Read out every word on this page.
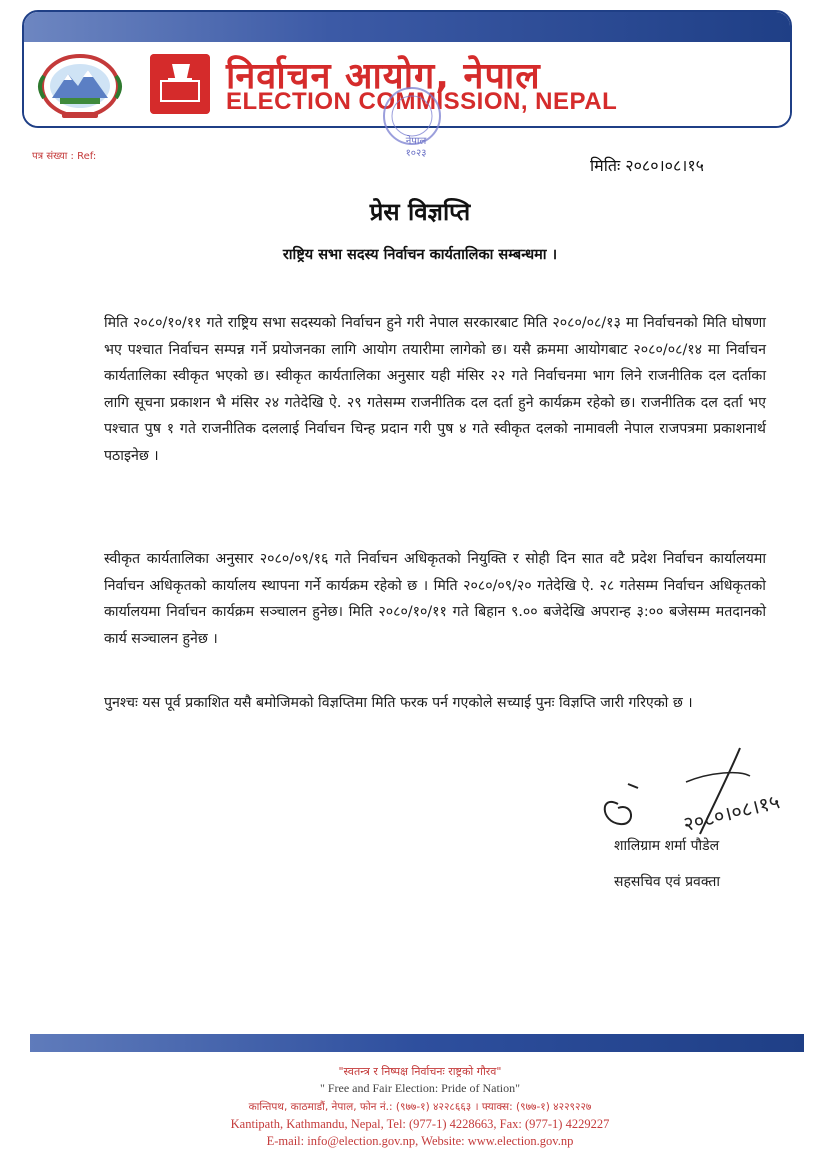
निर्वाचन आयोग, नेपाल
ELECTION COMMISSION, NEPAL
नेपाल
१०२३
पत्र संख्या : Ref:	मितिः २०८०।०८।१५
प्रेस विज्ञप्ति
राष्ट्रिय सभा सदस्य निर्वाचन कार्यतालिका सम्बन्धमा ।
मिति २०८०/१०/११ गते राष्ट्रिय सभा सदस्यको निर्वाचन हुने गरी नेपाल सरकारबाट मिति २०८०/०८/१३ मा निर्वाचनको मिति घोषणा भए पश्चात निर्वाचन सम्पन्न गर्ने प्रयोजनका लागि आयोग तयारीमा लागेको छ। यसै क्रममा आयोगबाट २०८०/०८/१४ मा निर्वाचन कार्यतालिका स्वीकृत भएको छ। स्वीकृत कार्यतालिका अनुसार यही मंसिर २२ गते निर्वाचनमा भाग लिने राजनीतिक दल दर्ताका लागि सूचना प्रकाशन भै मंसिर २४ गतेदेखि ऐ. २९ गतेसम्म राजनीतिक दल दर्ता हुने कार्यक्रम रहेको छ। राजनीतिक दल दर्ता भए पश्चात पुष १ गते राजनीतिक दललाई निर्वाचन चिन्ह प्रदान गरी पुष ४ गते स्वीकृत दलको नामावली नेपाल राजपत्रमा प्रकाशनार्थ पठाइनेछ ।
स्वीकृत कार्यतालिका अनुसार २०८०/०९/१६ गते निर्वाचन अधिकृतको नियुक्ति र सोही दिन सात वटै प्रदेश निर्वाचन कार्यालयमा निर्वाचन अधिकृतको कार्यालय स्थापना गर्ने कार्यक्रम रहेको छ । मिति २०८०/०९/२० गतेदेखि ऐ. २८ गतेसम्म निर्वाचन अधिकृतको कार्यालयमा निर्वाचन कार्यक्रम सञ्चालन हुनेछ। मिति २०८०/१०/११ गते बिहान ९.०० बजेदेखि अपरान्ह ३:०० बजेसम्म मतदानको कार्य सञ्चालन हुनेछ ।
पुनश्चः यस पूर्व प्रकाशित यसै बमोजिमको विज्ञप्तिमा मिति फरक पर्न गएकोले सच्याई पुनः विज्ञप्ति जारी गरिएको छ ।
२०८०।०८।१५
शालिग्राम शर्मा पौडेल
सहसचिव एवं प्रवक्ता
"स्वतन्त्र र निष्पक्ष निर्वाचनः राष्ट्रको गौरव"
" Free and Fair Election: Pride of Nation"
कान्तिपथ, काठमाडौं, नेपाल, फोन नं.: (९७७-१) ४२२८६६३ । फ्याक्स: (९७७-१) ४२२९२२७
Kantipath, Kathmandu, Nepal, Tel: (977-1) 4228663, Fax: (977-1) 4229227
E-mail: info@election.gov.np, Website: www.election.gov.np
